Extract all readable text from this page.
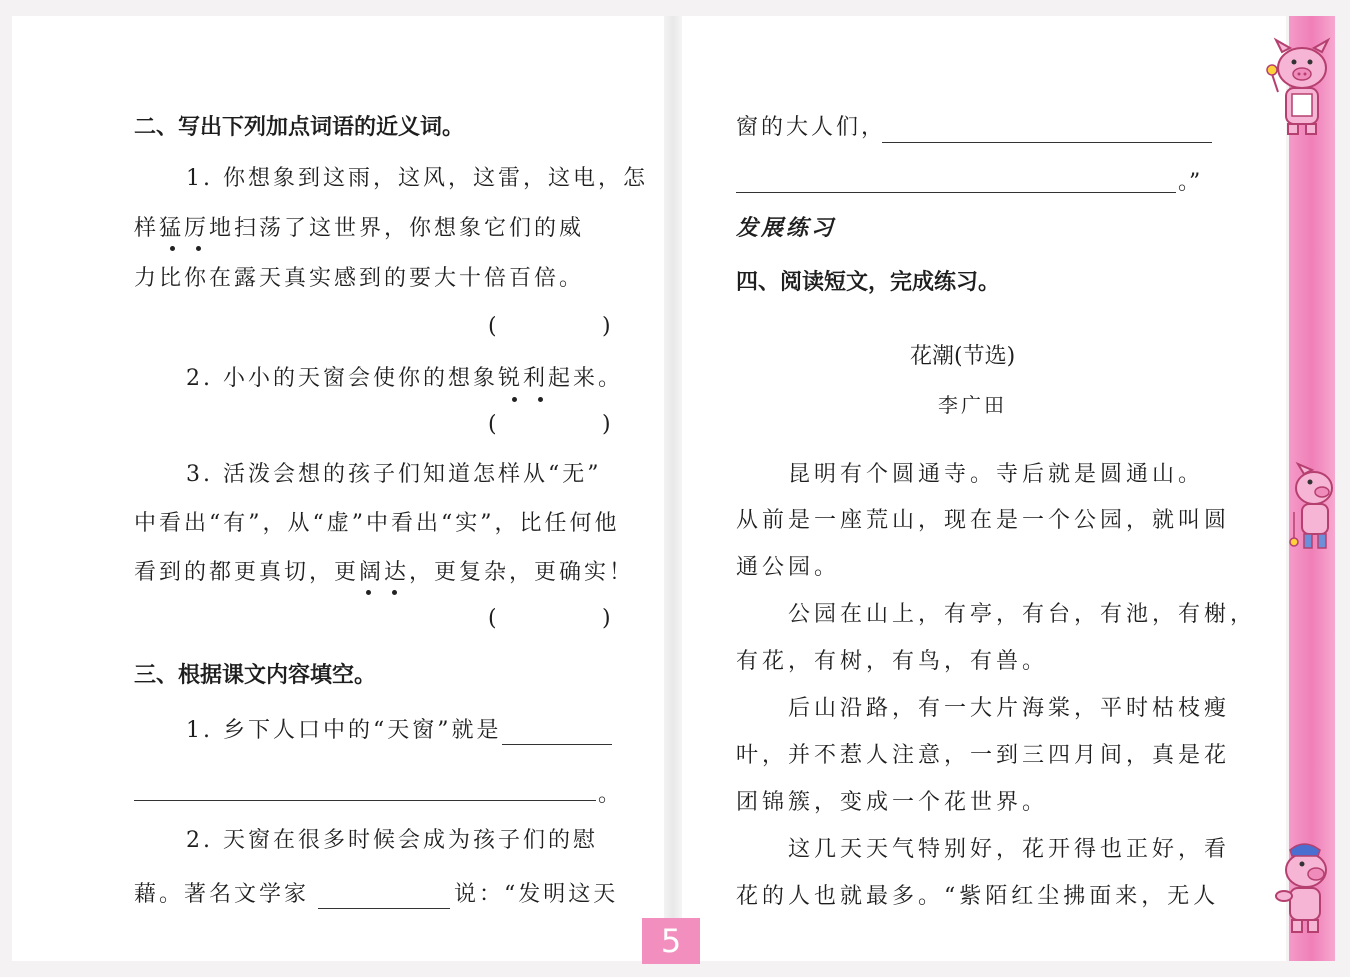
二、写出下列加点词语的近义词。
1. 你想象到这雨，这风，这雷，这电，怎
样猛厉地扫荡了这世界，你想象它们的威
力比你在露天真实感到的要大十倍百倍。
(	)
2. 小小的天窗会使你的想象锐利起来。
(	)
3. 活泼会想的孩子们知道怎样从“无”
中看出“有”，从“虚”中看出“实”，比任何他
看到的都更真切，更阔达，更复杂，更确实！
(	)
三、根据课文内容填空。
1. 乡下人口中的“天窗”就是
。
2. 天窗在很多时候会成为孩子们的慰
藉。著名文学家	说：“发明这天
窗的大人们，
。”
发展练习
四、阅读短文，完成练习。
花潮(节选)
李广田
昆明有个圆通寺。寺后就是圆通山。
从前是一座荒山，现在是一个公园，就叫圆
通公园。
公园在山上，有亭，有台，有池，有榭，
有花，有树，有鸟，有兽。
后山沿路，有一大片海棠，平时枯枝瘦
叶，并不惹人注意，一到三四月间，真是花
团锦簇，变成一个花世界。
这几天天气特别好，花开得也正好，看
花的人也就最多。“紫陌红尘拂面来，无人
5
